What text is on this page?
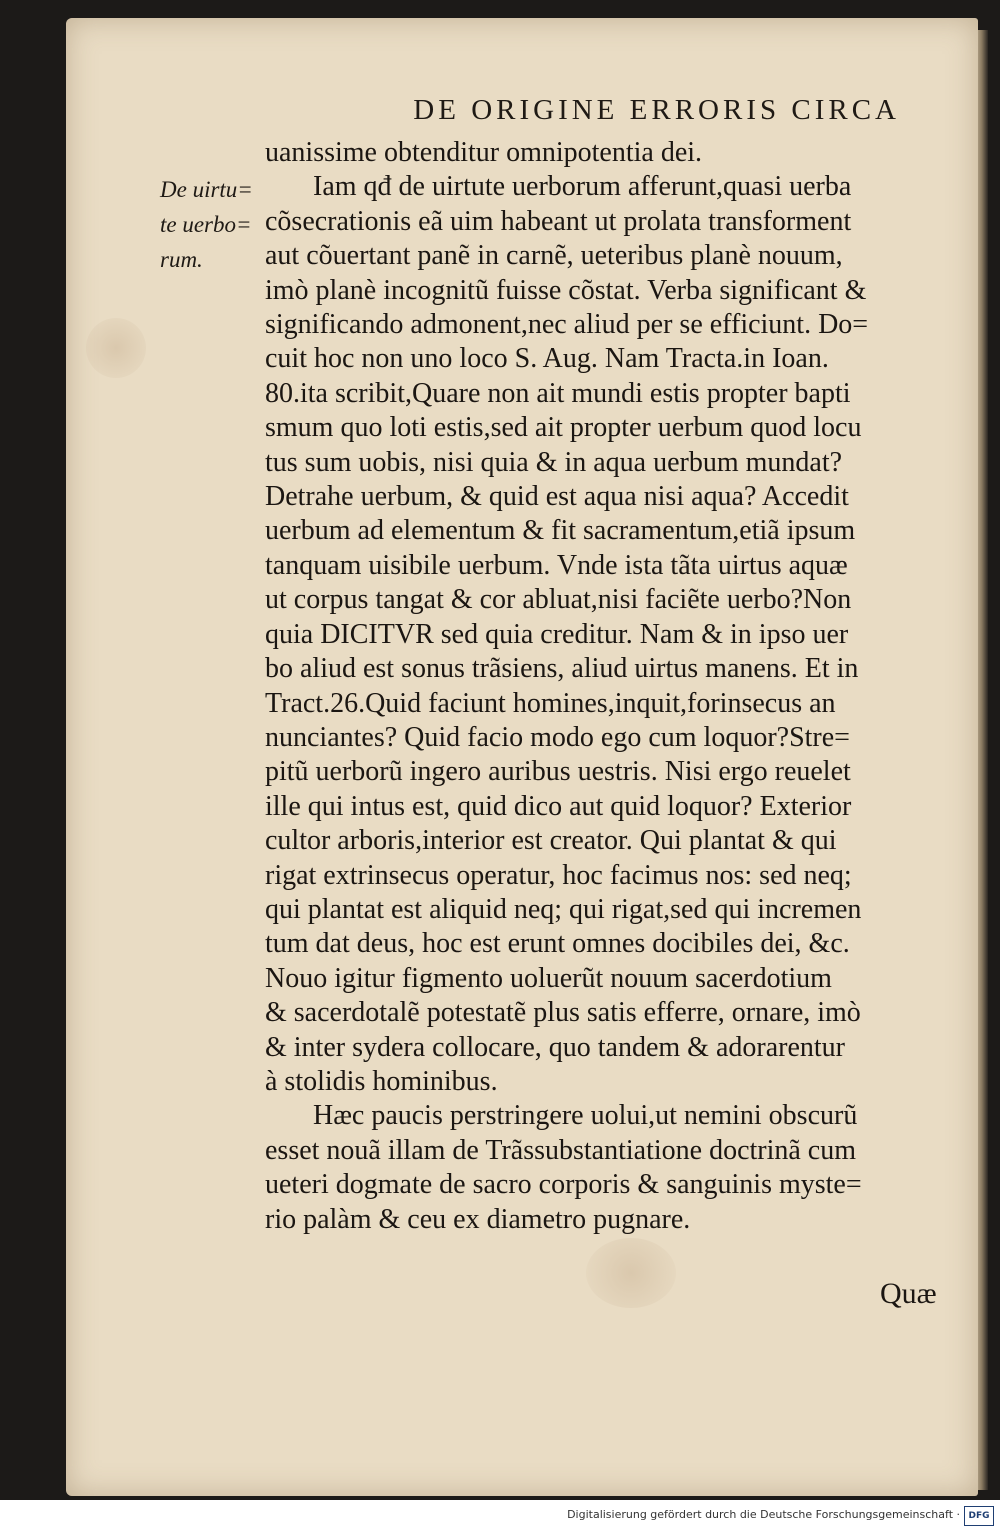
DE ORIGINE ERRORIS CIRCA
De uirtu=
te uerbo=
rum.
uanissime obtenditur omnipotentia dei.
Iam qđ de uirtute uerborum afferunt,quasi uerba
cõsecrationis eã uim habeant ut prolata transforment
aut cõuertant panẽ in carnẽ, ueteribus planè nouum,
imò planè incognitũ fuisse cõstat. Verba significant &
significando admonent,nec aliud per se efficiunt. Do=
cuit hoc non uno loco S. Aug. Nam Tracta.in Ioan.
80.ita scribit,Quare non ait mundi estis propter bapti
smum quo loti estis,sed ait propter uerbum quod locu
tus sum uobis, nisi quia & in aqua uerbum mundat?
Detrahe uerbum, & quid est aqua nisi aqua? Accedit
uerbum ad elementum & fit sacramentum,etiã ipsum
tanquam uisibile uerbum. Vnde ista tãta uirtus aquæ
ut corpus tangat & cor abluat,nisi faciẽte uerbo?Non
quia DICITVR sed quia creditur. Nam & in ipso uer
bo aliud est sonus trãsiens, aliud uirtus manens. Et in
Tract.26.Quid faciunt homines,inquit,forinsecus an
nunciantes? Quid facio modo ego cum loquor?Stre=
pitũ uerborũ ingero auribus uestris. Nisi ergo reuelet
ille qui intus est, quid dico aut quid loquor? Exterior
cultor arboris,interior est creator. Qui plantat & qui
rigat extrinsecus operatur, hoc facimus nos: sed neq;
qui plantat est aliquid neq; qui rigat,sed qui incremen
tum dat deus, hoc est erunt omnes docibiles dei, &c.
Nouo igitur figmento uoluerũt nouum sacerdotium
& sacerdotalẽ potestatẽ plus satis efferre, ornare, imò
& inter sydera collocare, quo tandem & adorarentur
à stolidis hominibus.
Hæc paucis perstringere uolui,ut nemini obscurũ
esset nouã illam de Trãssubstantiatione doctrinã cum
ueteri dogmate de sacro corporis & sanguinis myste=
rio palàm & ceu ex diametro pugnare.
Quæ
Digitalisierung gefördert durch die Deutsche Forschungsgemeinschaft · DFG
